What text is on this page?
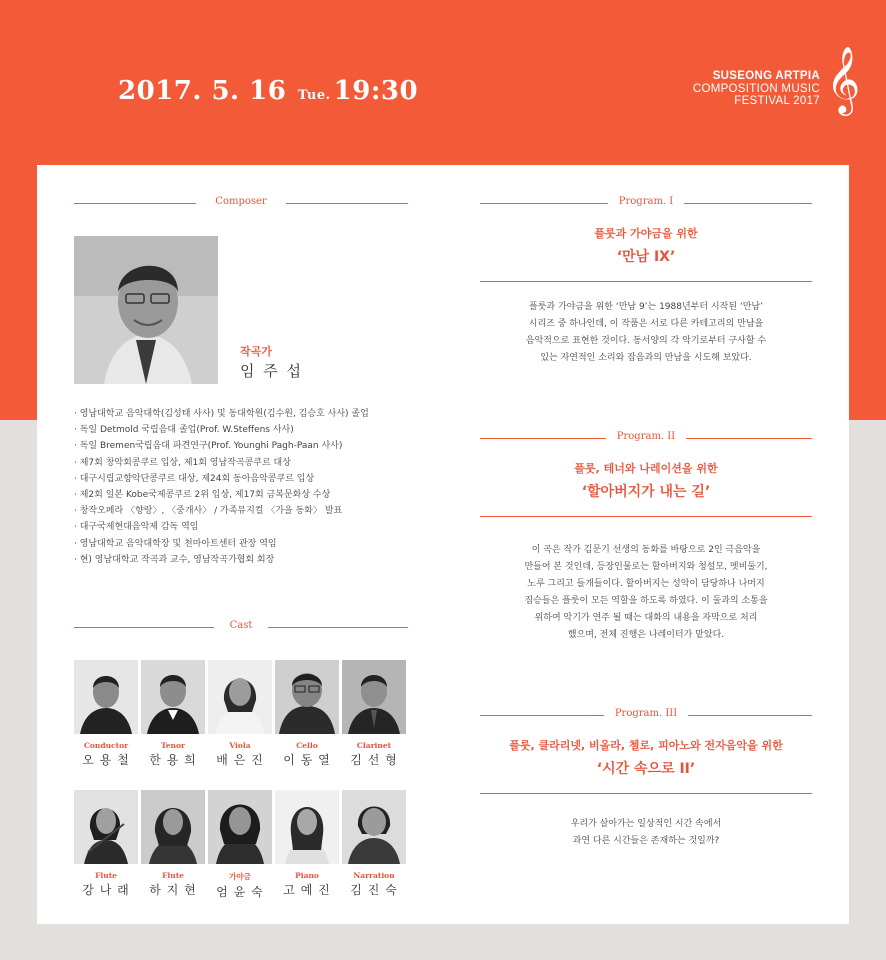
2017. 5. 16 Tue. 19:30	SUSEONG ARTPIA
COMPOSITION MUSIC
FESTIVAL 2017 𝄞
Composer
작곡가
임 주 섭
· 영남대학교 음악대학(김성태 사사) 및 동대학원(김수원, 김승호 사사) 졸업
· 독일 Detmold 국립음대 졸업(Prof. W.Steffens 사사)
· 독일 Bremen국립음대 파견연구(Prof. Younghi Pagh-Paan 사사)
· 제7회 창악회콩쿠르 입상, 제1회 영남작곡콩쿠르 대상
· 대구시립교향악단콩쿠르 대상, 제24회 동아음악콩쿠르 입상
· 제2회 일본 Kobe국제콩쿠르 2위 입상, 제17회 금복문화상 수상
· 창작오페라 〈향랑〉, 〈중개사〉 / 가족뮤지컬 〈가을 동화〉 발표
· 대구국제현대음악제 감독 역임
· 영남대학교 음악대학장 및 천마아트센터 관장 역임
· 현) 영남대학교 작곡과 교수, 영남작곡가협회 회장
Cast
Conductor
오 용 철
Tenor
한 용 희
Viola
배 은 진
Cello
이 동 열
Clarinet
김 선 형
Flute
강 나 래
Flute
하 지 현
가야금
엄 윤 숙
Piano
고 예 진
Narration
김 진 숙
Program. I
플룻과 가야금을 위한
‘만남 IX’
플룻과 가야금을 위한 ‘만남 9’는 1988년부터 시작된 ‘만남’
시리즈 중 하나인데, 이 작품은 서로 다른 카테고리의 만남을
음악적으로 표현한 것이다. 동서양의 각 악기로부터 구사할 수
있는 자연적인 소리와 잡음과의 만남을 시도해 보았다.
Program. II
플룻, 테너와 나레이션을 위한
‘할아버지가 내는 길’
이 곡은 작가 김문기 선생의 동화를 바탕으로 2인 극음악을
만들어 본 것인데, 등장인물로는 할아버지와 청설모, 멧비둘기,
노루 그리고 들개들이다. 할아버지는 성악이 담당하나 나머지
짐승들은 플룻이 모든 역할을 하도록 하였다. 이 둘과의 소통을
위하여 악기가 연주 될 때는 대화의 내용을 자막으로 처리
했으며, 전체 진행은 나레이터가 맡았다.
Program. III
플룻, 클라리넷, 비올라, 첼로, 피아노와 전자음악을 위한
‘시간 속으로 II’
우리가 살아가는 일상적인 시간 속에서
과연 다른 시간들은 존재하는 것일까?
